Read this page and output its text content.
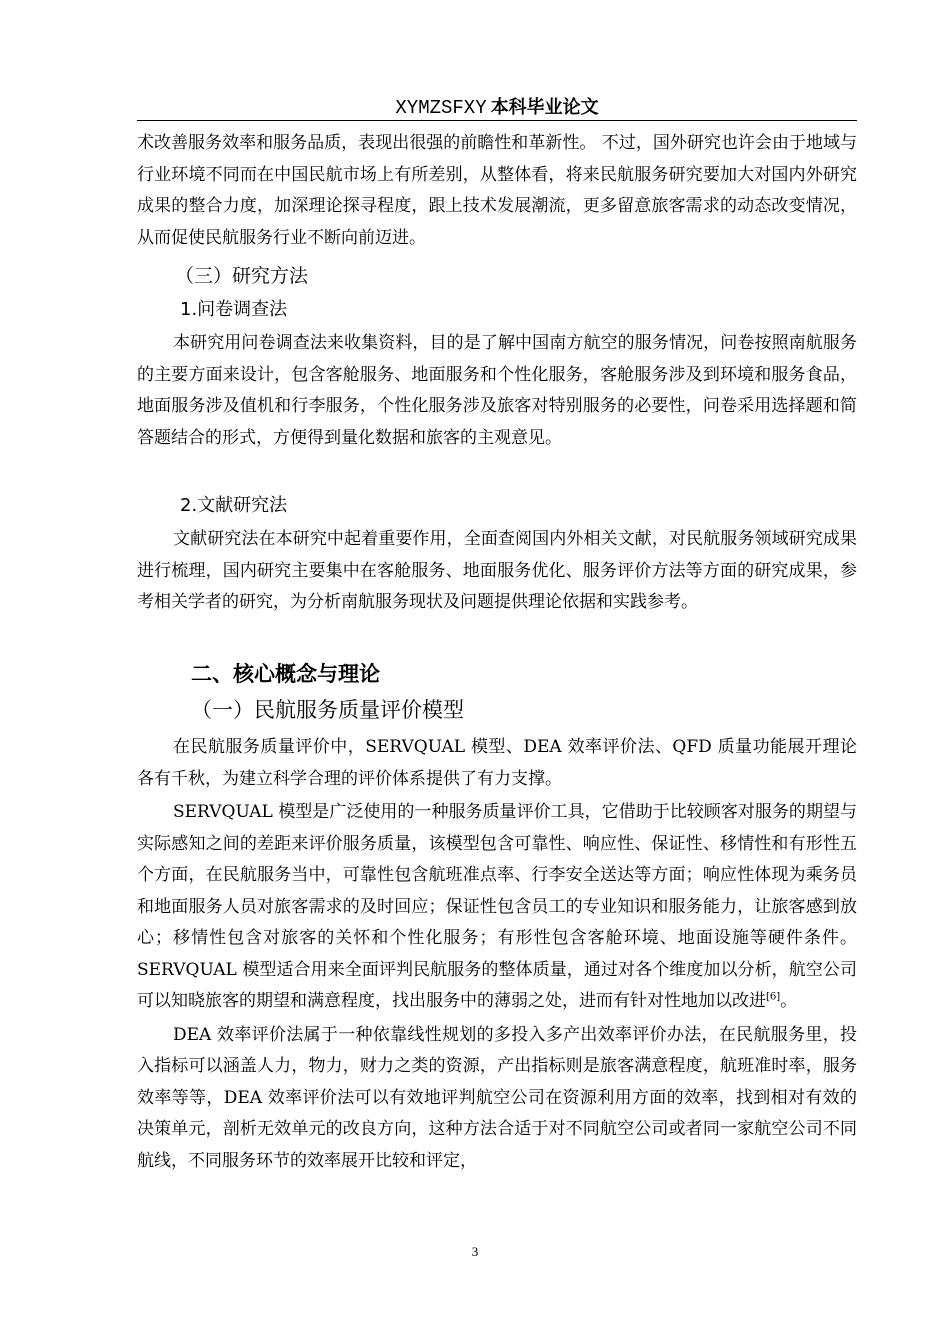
XYMZSFXY 本科毕业论文

术改善服务效率和服务品质，表现出很强的前瞻性和革新性。 不过，国外研究也许会由于地域与行业环境不同而在中国民航市场上有所差别，从整体看，将来民航服务研究要加大对国内外研究成果的整合力度，加深理论探寻程度，跟上技术发展潮流，更多留意旅客需求的动态改变情况，从而促使民航服务行业不断向前迈进。

（三）研究方法

1.问卷调查法

本研究用问卷调查法来收集资料，目的是了解中国南方航空的服务情况，问卷按照南航服务的主要方面来设计，包含客舱服务、地面服务和个性化服务，客舱服务涉及到环境和服务食品，地面服务涉及值机和行李服务，个性化服务涉及旅客对特别服务的必要性，问卷采用选择题和简答题结合的形式，方便得到量化数据和旅客的主观意见。

2.文献研究法

文献研究法在本研究中起着重要作用，全面查阅国内外相关文献，对民航服务领域研究成果进行梳理，国内研究主要集中在客舱服务、地面服务优化、服务评价方法等方面的研究成果，参考相关学者的研究，为分析南航服务现状及问题提供理论依据和实践参考。

二、核心概念与理论

（一）民航服务质量评价模型

在民航服务质量评价中，SERVQUAL 模型、DEA 效率评价法、QFD 质量功能展开理论各有千秋，为建立科学合理的评价体系提供了有力支撑。

SERVQUAL 模型是广泛使用的一种服务质量评价工具，它借助于比较顾客对服务的期望与实际感知之间的差距来评价服务质量，该模型包含可靠性、响应性、保证性、移情性和有形性五个方面，在民航服务当中，可靠性包含航班准点率、行李安全送达等方面；响应性体现为乘务员和地面服务人员对旅客需求的及时回应；保证性包含员工的专业知识和服务能力，让旅客感到放心；移情性包含对旅客的关怀和个性化服务；有形性包含客舱环境、地面设施等硬件条件。SERVQUAL 模型适合用来全面评判民航服务的整体质量，通过对各个维度加以分析，航空公司可以知晓旅客的期望和满意程度，找出服务中的薄弱之处，进而有针对性地加以改进[6]。

DEA 效率评价法属于一种依靠线性规划的多投入多产出效率评价办法，在民航服务里，投入指标可以涵盖人力，物力，财力之类的资源，产出指标则是旅客满意程度，航班准时率，服务效率等等，DEA 效率评价法可以有效地评判航空公司在资源利用方面的效率，找到相对有效的决策单元，剖析无效单元的改良方向，这种方法合适于对不同航空公司或者同一家航空公司不同航线，不同服务环节的效率展开比较和评定，

3
